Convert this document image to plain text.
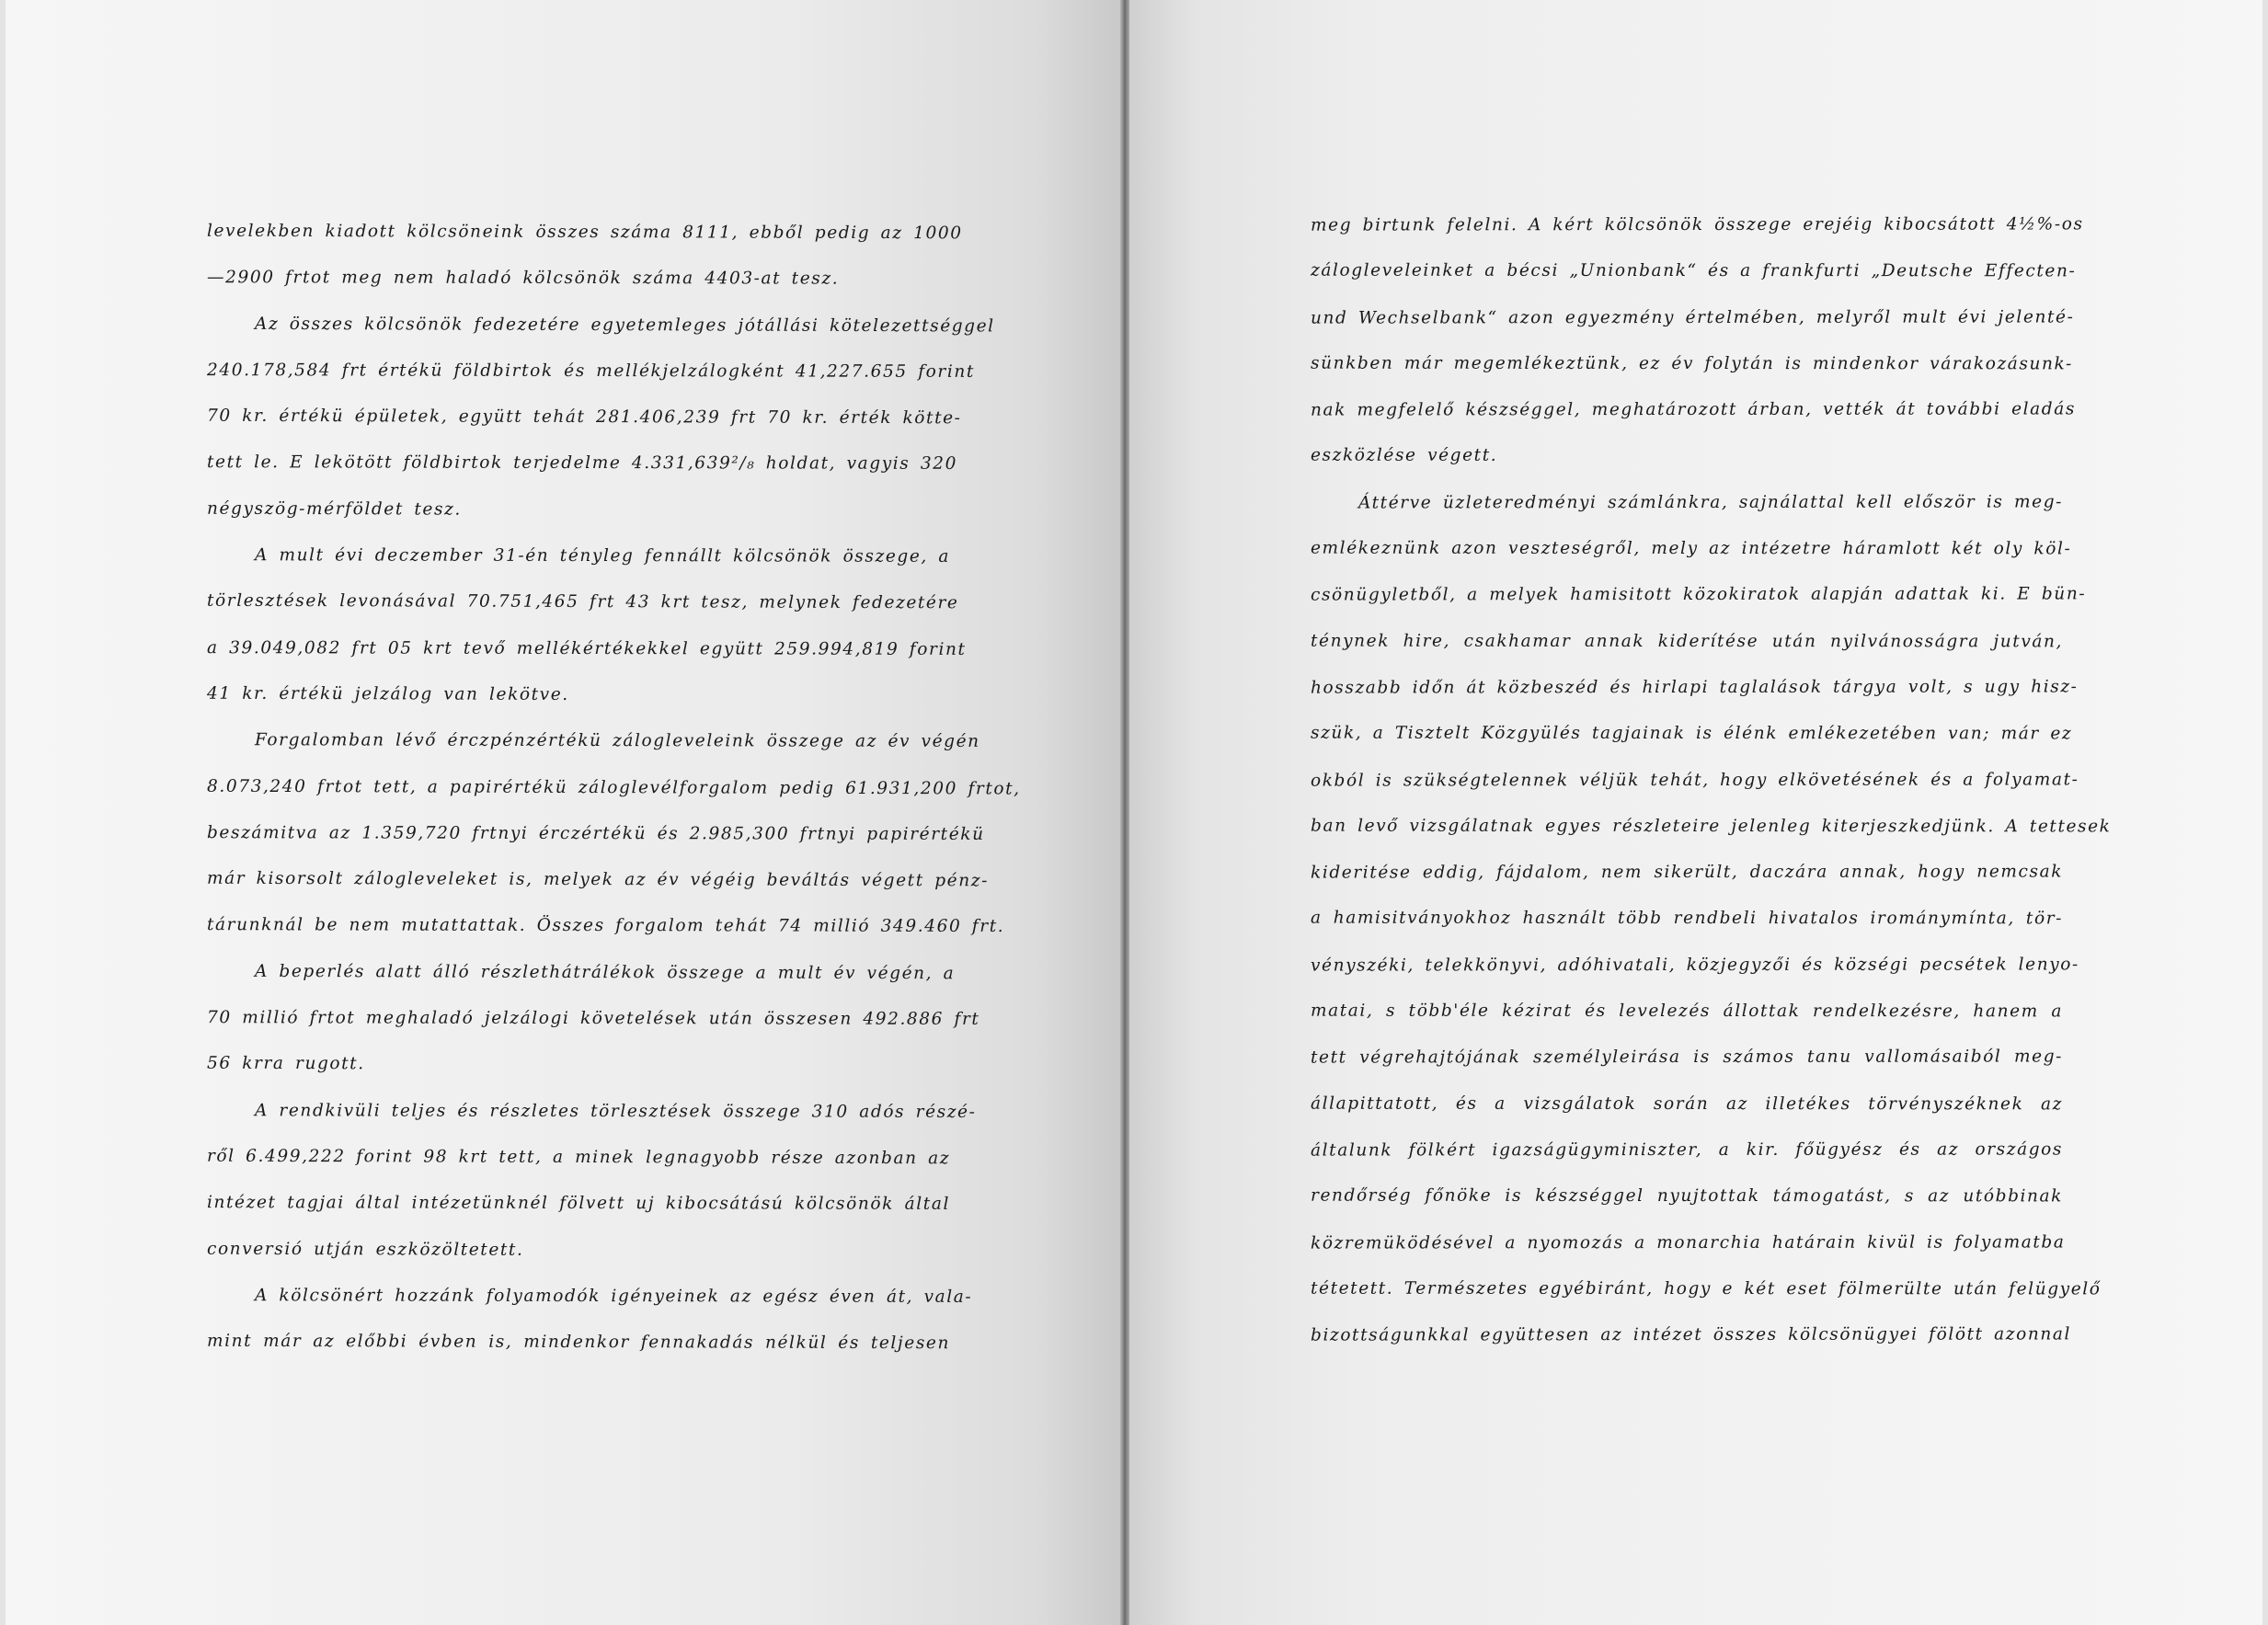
levelekben kiadott kölcsöneink összes száma 8111, ebből pedig az 1000
—2900 frtot meg nem haladó kölcsönök száma 4403-at tesz.
Az összes kölcsönök fedezetére egyetemleges jótállási kötelezettséggel
240.178,584 frt értékü földbirtok és mellékjelzálogként 41,227.655 forint
70 kr. értékü épületek, együtt tehát 281.406,239 frt 70 kr. érték kötte-
tett le. E lekötött földbirtok terjedelme 4.331,639²/₈ holdat, vagyis 320
négyszög-mérföldet tesz.
A mult évi deczember 31-én tényleg fennállt kölcsönök összege, a
törlesztések levonásával 70.751,465 frt 43 krt tesz, melynek fedezetére
a 39.049,082 frt 05 krt tevő mellékértékekkel együtt 259.994,819 forint
41 kr. értékü jelzálog van lekötve.
Forgalomban lévő érczpénzértékü zálogleveleink összege az év végén
8.073,240 frtot tett, a papirértékü záloglevélforgalom pedig 61.931,200 frtot,
beszámitva az 1.359,720 frtnyi érczértékü és 2.985,300 frtnyi papirértékü
már kisorsolt zálogleveleket is, melyek az év végéig beváltás végett pénz-
tárunknál be nem mutattattak. Összes forgalom tehát 74 millió 349.460 frt.
A beperlés alatt álló részlethátrálékok összege a mult év végén, a
70 millió frtot meghaladó jelzálogi követelések után összesen 492.886 frt
56 krra rugott.
A rendkivüli teljes és részletes törlesztések összege 310 adós részé-
ről 6.499,222 forint 98 krt tett, a minek legnagyobb része azonban az
intézet tagjai által intézetünknél fölvett uj kibocsátású kölcsönök által
conversió utján eszközöltetett.
A kölcsönért hozzánk folyamodók igényeinek az egész éven át, vala-
mint már az előbbi évben is, mindenkor fennakadás nélkül és teljesen
meg birtunk felelni. A kért kölcsönök összege erejéig kibocsátott 4½%-os
zálogleveleinket a bécsi „Unionbank“ és a frankfurti „Deutsche Effecten-
und Wechselbank“ azon egyezmény értelmében, melyről mult évi jelenté-
sünkben már megemlékeztünk, ez év folytán is mindenkor várakozásunk-
nak megfelelő készséggel, meghatározott árban, vették át további eladás
eszközlése végett.
Áttérve üzleteredményi számlánkra, sajnálattal kell először is meg-
emlékeznünk azon veszteségről, mely az intézetre háramlott két oly köl-
csönügyletből, a melyek hamisitott közokiratok alapján adattak ki. E bün-
ténynek hire, csakhamar annak kiderítése után nyilvánosságra jutván,
hosszabb időn át közbeszéd és hirlapi taglalások tárgya volt, s ugy hisz-
szük, a Tisztelt Közgyülés tagjainak is élénk emlékezetében van; már ez
okból is szükségtelennek véljük tehát, hogy elkövetésének és a folyamat-
ban levő vizsgálatnak egyes részleteire jelenleg kiterjeszkedjünk. A tettesek
kideritése eddig, fájdalom, nem sikerült, daczára annak, hogy nemcsak
a hamisitványokhoz használt több rendbeli hivatalos irománymínta, tör-
vényszéki, telekkönyvi, adóhivatali, közjegyzői és községi pecsétek lenyo-
matai, s több'éle kézirat és levelezés állottak rendelkezésre, hanem a
tett végrehajtójának személyleirása is számos tanu vallomásaiból meg-
állapittatott, és a vizsgálatok során az illetékes törvényszéknek az
általunk fölkért igazságügyminiszter, a kir. főügyész és az országos
rendőrség főnöke is készséggel nyujtottak támogatást, s az utóbbinak
közremüködésével a nyomozás a monarchia határain kivül is folyamatba
tétetett. Természetes egyébiránt, hogy e két eset fölmerülte után felügyelő
bizottságunkkal együttesen az intézet összes kölcsönügyei fölött azonnal
